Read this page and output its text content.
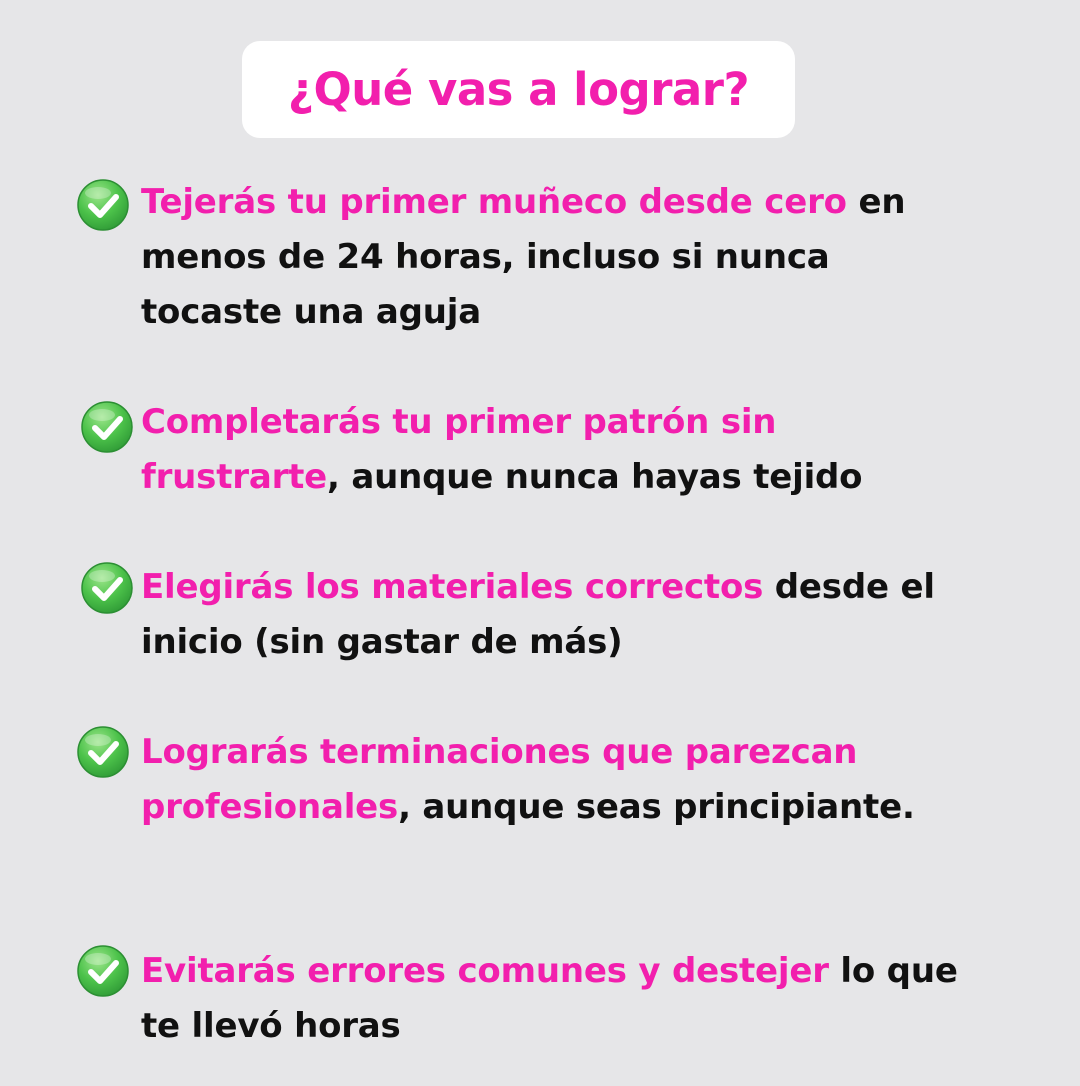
¿Qué vas a lograr?
Tejerás tu primer muñeco desde cero en menos de 24 horas, incluso si nunca tocaste una aguja
Completarás tu primer patrón sin frustrarte, aunque nunca hayas tejido
Elegirás los materiales correctos desde el inicio (sin gastar de más)
Lograrás terminaciones que parezcan profesionales, aunque seas principiante.
Evitarás errores comunes y destejer lo que te llevó horas
